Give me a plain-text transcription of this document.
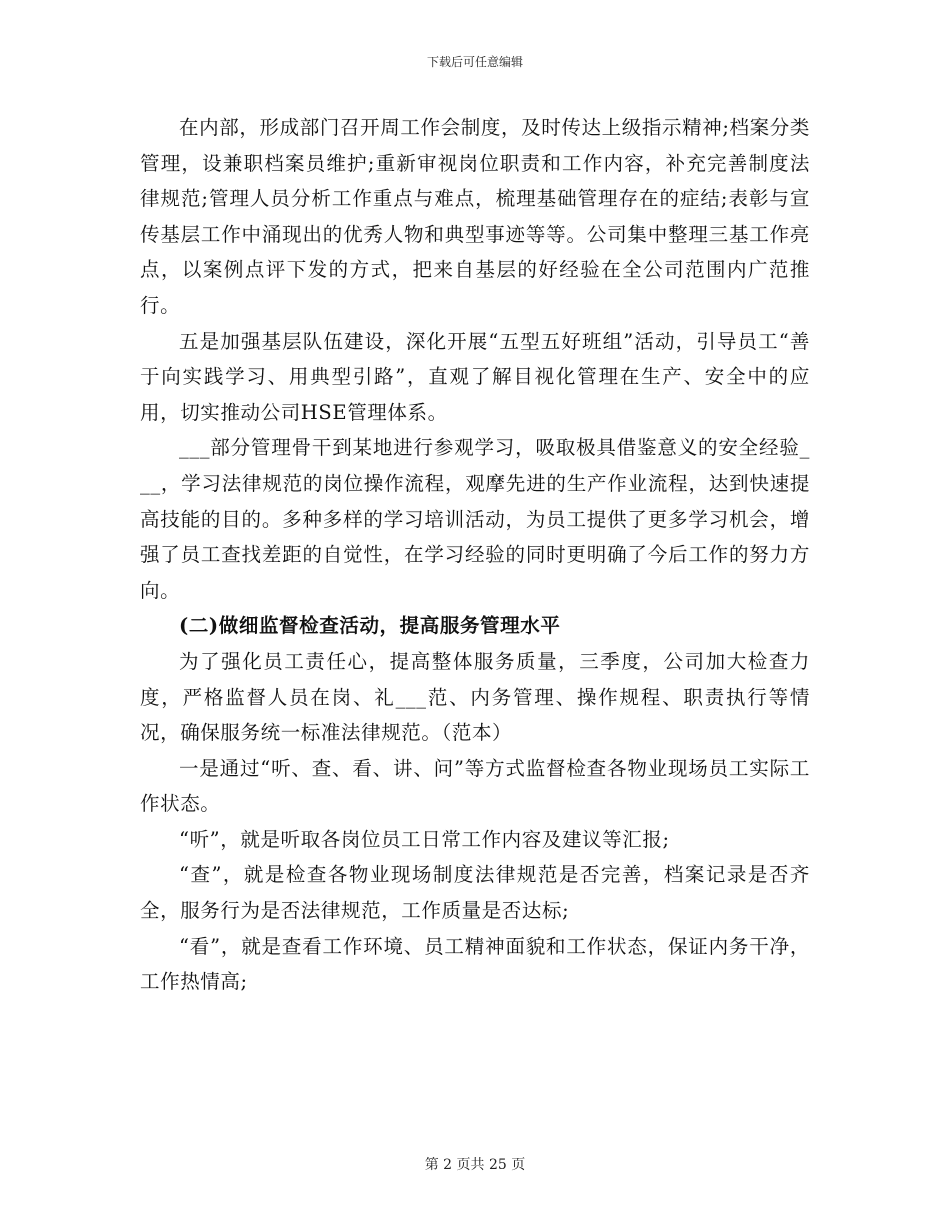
下载后可任意编辑

在内部，形成部门召开周工作会制度，及时传达上级指示精神;档案分类管理，设兼职档案员维护;重新审视岗位职责和工作内容，补充完善制度法律规范;管理人员分析工作重点与难点，梳理基础管理存在的症结;表彰与宣传基层工作中涌现出的优秀人物和典型事迹等等。公司集中整理三基工作亮点，以案例点评下发的方式，把来自基层的好经验在全公司范围内广范推行。

五是加强基层队伍建设，深化开展“五型五好班组”活动，引导员工“善于向实践学习、用典型引路”，直观了解目视化管理在生产、安全中的应用，切实推动公司HSE管理体系。

___部分管理骨干到某地进行参观学习，吸取极具借鉴意义的安全经验___，学习法律规范的岗位操作流程，观摩先进的生产作业流程，达到快速提高技能的目的。多种多样的学习培训活动，为员工提供了更多学习机会，增强了员工查找差距的自觉性，在学习经验的同时更明确了今后工作的努力方向。

(二)做细监督检查活动，提高服务管理水平

为了强化员工责任心，提高整体服务质量，三季度，公司加大检查力度，严格监督人员在岗、礼___范、内务管理、操作规程、职责执行等情况，确保服务统一标准法律规范。（范本）

一是通过“听、查、看、讲、问”等方式监督检查各物业现场员工实际工作状态。

“听”，就是听取各岗位员工日常工作内容及建议等汇报;

“查”，就是检查各物业现场制度法律规范是否完善，档案记录是否齐全，服务行为是否法律规范，工作质量是否达标;

“看”，就是查看工作环境、员工精神面貌和工作状态，保证内务干净，工作热情高;

第 2 页共 25 页
